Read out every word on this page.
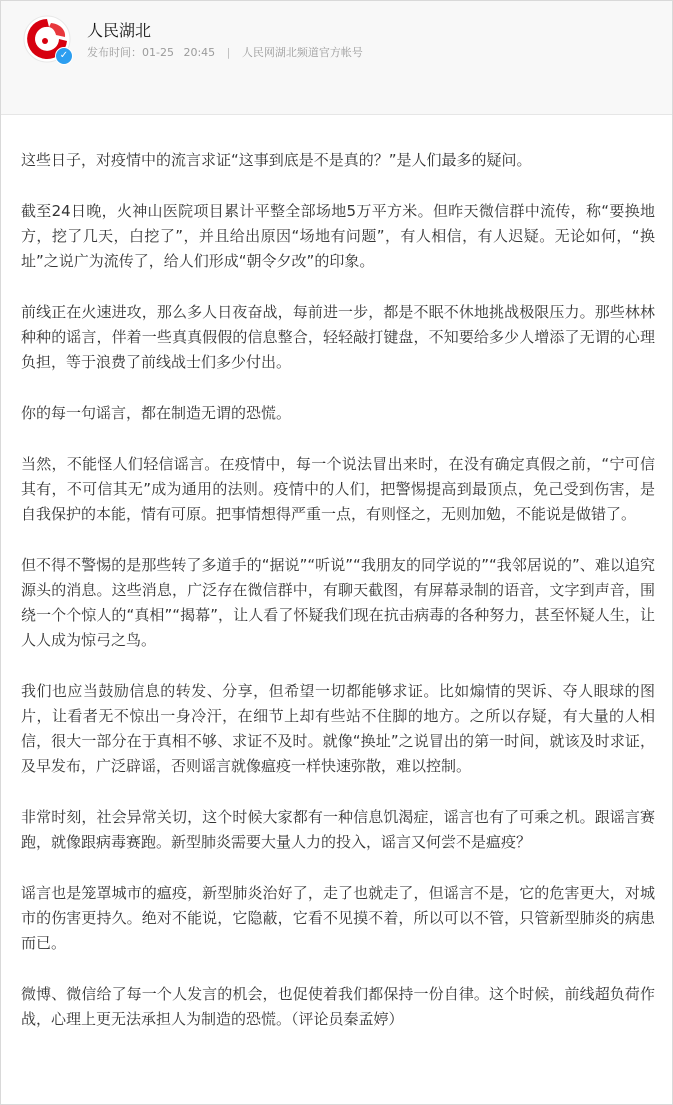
✓
人民湖北
发布时间：01-25 20:45 | 人民网湖北频道官方帐号

这些日子，对疫情中的流言求证“这事到底是不是真的？”是人们最多的疑问。

截至24日晚，火神山医院项目累计平整全部场地5万平方米。但昨天微信群中流传，称“要换地方，挖了几天，白挖了”，并且给出原因“场地有问题”，有人相信，有人迟疑。无论如何，“换址”之说广为流传了，给人们形成“朝令夕改”的印象。

前线正在火速进攻，那么多人日夜奋战，每前进一步，都是不眠不休地挑战极限压力。那些林林种种的谣言，伴着一些真真假假的信息整合，轻轻敲打键盘，不知要给多少人增添了无谓的心理负担，等于浪费了前线战士们多少付出。

你的每一句谣言，都在制造无谓的恐慌。

当然，不能怪人们轻信谣言。在疫情中，每一个说法冒出来时，在没有确定真假之前，“宁可信其有，不可信其无”成为通用的法则。疫情中的人们，把警惕提高到最顶点，免己受到伤害，是自我保护的本能，情有可原。把事情想得严重一点，有则怪之，无则加勉，不能说是做错了。

但不得不警惕的是那些转了多道手的“据说”“听说”“我朋友的同学说的”“我邻居说的”、难以追究源头的消息。这些消息，广泛存在微信群中，有聊天截图，有屏幕录制的语音，文字到声音，围绕一个个惊人的“真相”“揭幕”，让人看了怀疑我们现在抗击病毒的各种努力，甚至怀疑人生，让人人成为惊弓之鸟。

我们也应当鼓励信息的转发、分享，但希望一切都能够求证。比如煽情的哭诉、夺人眼球的图片，让看者无不惊出一身冷汗，在细节上却有些站不住脚的地方。之所以存疑，有大量的人相信，很大一部分在于真相不够、求证不及时。就像“换址”之说冒出的第一时间，就该及时求证，及早发布，广泛辟谣，否则谣言就像瘟疫一样快速弥散，难以控制。

非常时刻，社会异常关切，这个时候大家都有一种信息饥渴症，谣言也有了可乘之机。跟谣言赛跑，就像跟病毒赛跑。新型肺炎需要大量人力的投入，谣言又何尝不是瘟疫？

谣言也是笼罩城市的瘟疫，新型肺炎治好了，走了也就走了，但谣言不是，它的危害更大，对城市的伤害更持久。绝对不能说，它隐蔽，它看不见摸不着，所以可以不管，只管新型肺炎的病患而已。

微博、微信给了每一个人发言的机会，也促使着我们都保持一份自律。这个时候，前线超负荷作战，心理上更无法承担人为制造的恐慌。（评论员秦孟婷）
